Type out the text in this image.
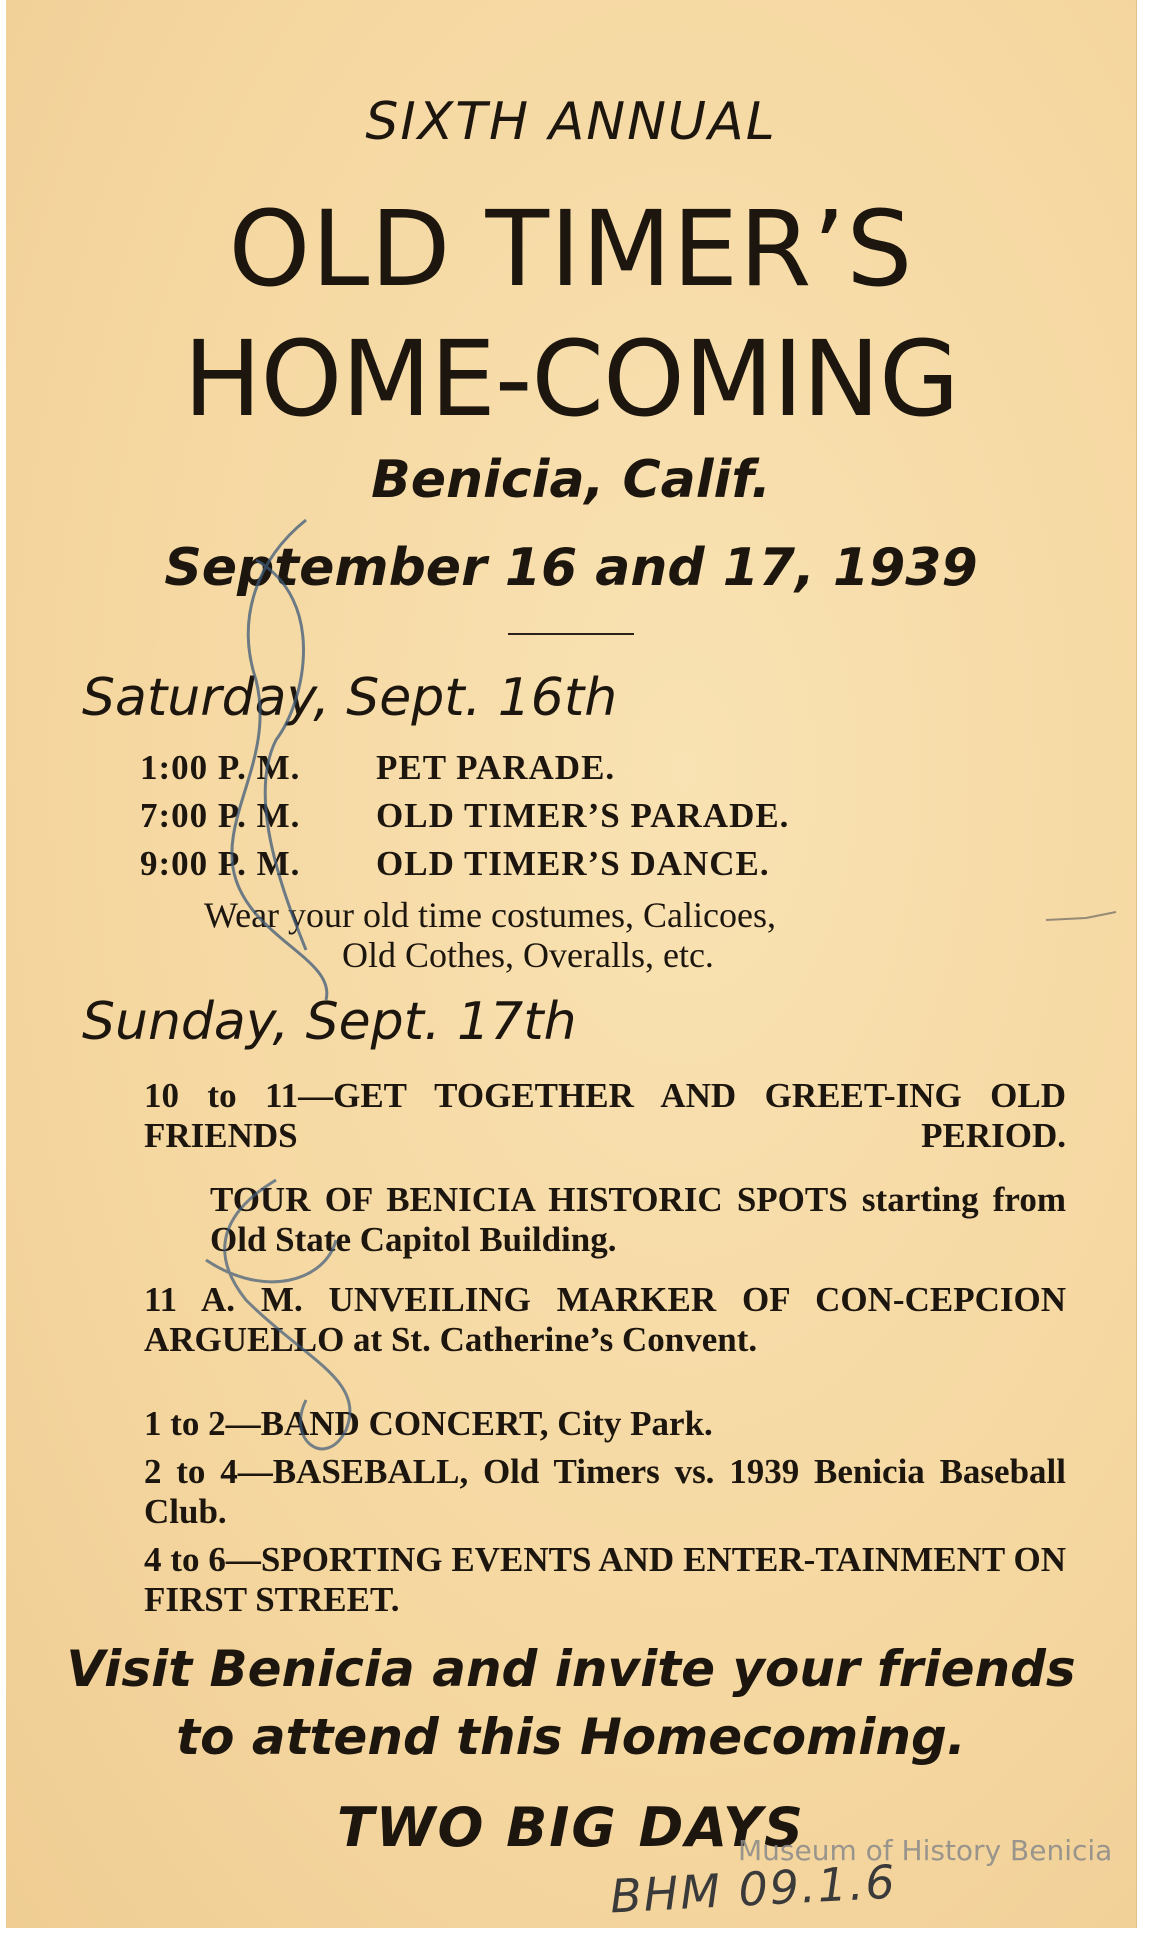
SIXTH ANNUAL
OLD TIMER’S
HOME-COMING
Benicia, Calif.
September 16 and 17, 1939
Saturday, Sept. 16th
1:00 P. M. PET PARADE.
7:00 P. M. OLD TIMER’S PARADE.
9:00 P. M. OLD TIMER’S DANCE.
Wear your old time costumes, Calicoes,
Old Cothes, Overalls, etc.
Sunday, Sept. 17th
10 to 11—GET TOGETHER AND GREET-ING OLD FRIENDS PERIOD.
TOUR OF BENICIA HISTORIC SPOTS starting from Old State Capitol Building.
11 A. M. UNVEILING MARKER OF CON-CEPCION ARGUELLO at St. Catherine’s Convent.
1 to 2—BAND CONCERT, City Park.
2 to 4—BASEBALL, Old Timers vs. 1939 Benicia Baseball Club.
4 to 6—SPORTING EVENTS AND ENTER-TAINMENT ON FIRST STREET.
Visit Benicia and invite your friends
to attend this Homecoming.
TWO BIG DAYS
Museum of History Benicia
BHM 09.1.6
